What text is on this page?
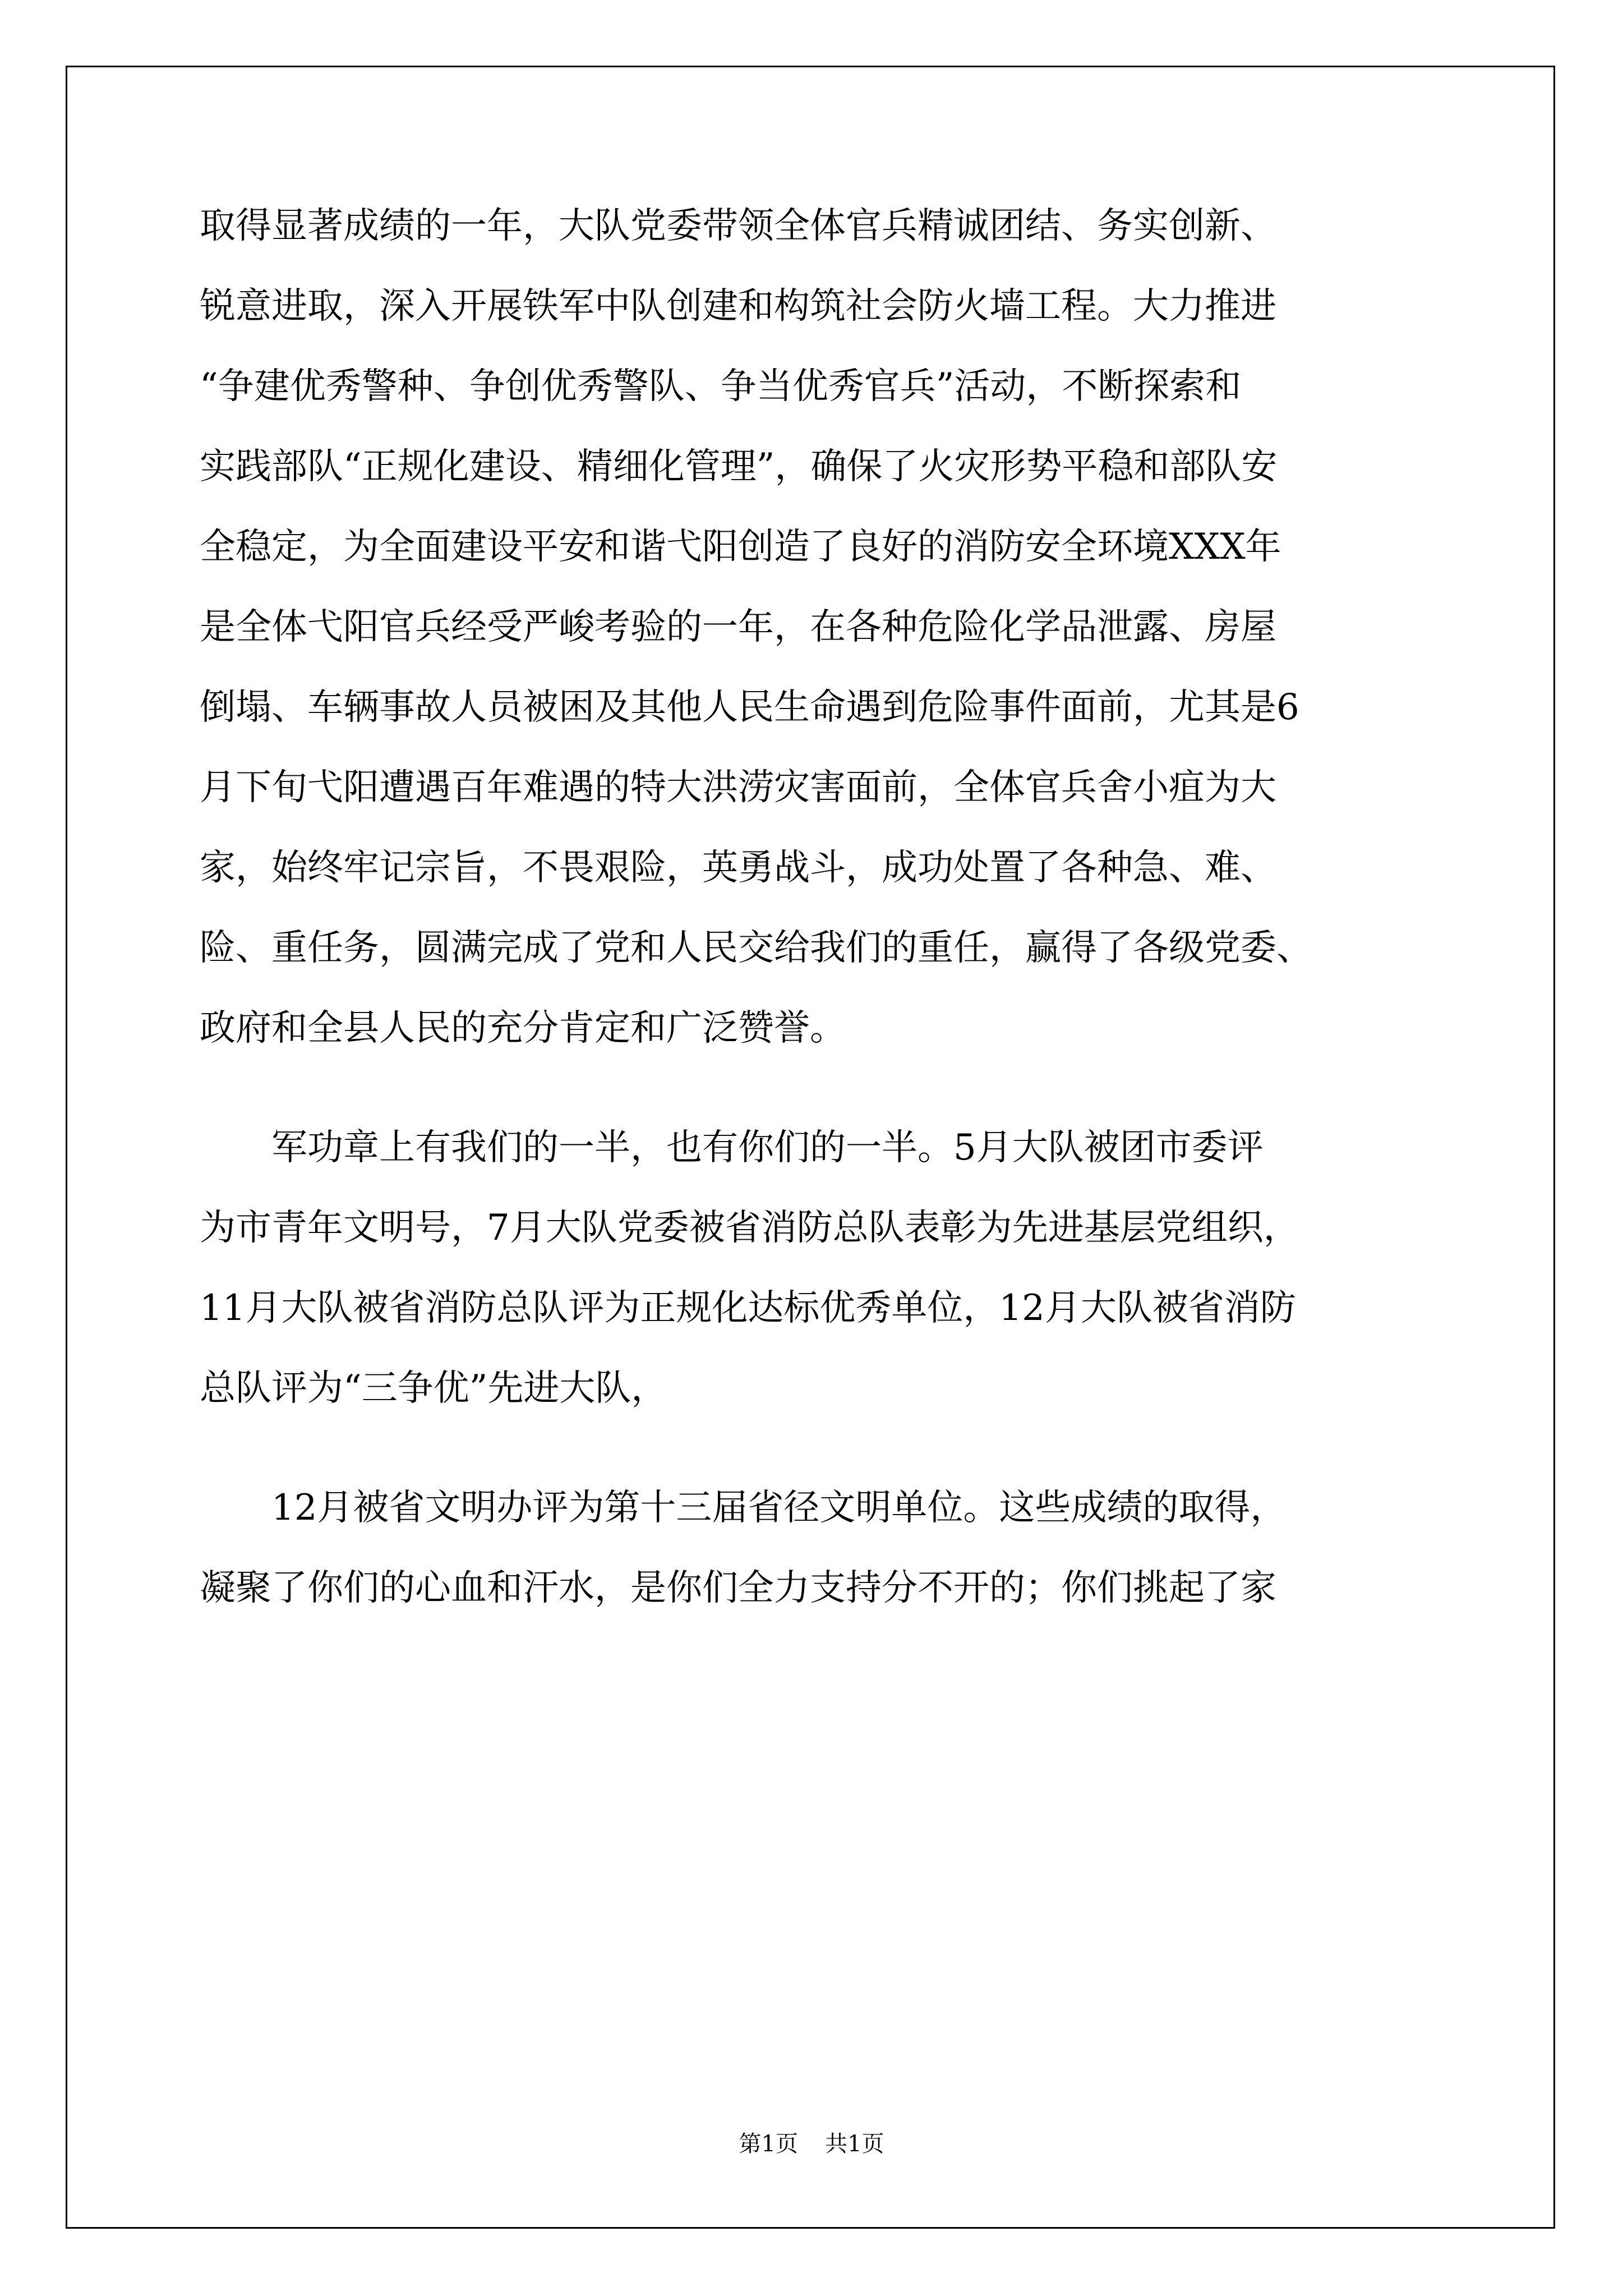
取得显著成绩的一年，大队党委带领全体官兵精诚团结、务实创新、
锐意进取，深入开展铁军中队创建和构筑社会防火墙工程。大力推进
“争建优秀警种、争创优秀警队、争当优秀官兵”活动，不断探索和
实践部队“正规化建设、精细化管理”，确保了火灾形势平稳和部队安
全稳定，为全面建设平安和谐弋阳创造了良好的消防安全环境XXX年
是全体弋阳官兵经受严峻考验的一年，在各种危险化学品泄露、房屋
倒塌、车辆事故人员被困及其他人民生命遇到危险事件面前，尤其是6
月下旬弋阳遭遇百年难遇的特大洪涝灾害面前，全体官兵舍小疽为大
家，始终牢记宗旨，不畏艰险，英勇战斗，成功处置了各种急、难、
险、重任务，圆满完成了党和人民交给我们的重任，赢得了各级党委、
政府和全县人民的充分肯定和广泛赞誉。
军功章上有我们的一半，也有你们的一半。5月大队被团市委评
为市青年文明号，7月大队党委被省消防总队表彰为先进基层党组织，
11月大队被省消防总队评为正规化达标优秀单位，12月大队被省消防
总队评为“三争优”先进大队，
12月被省文明办评为第十三届省径文明单位。这些成绩的取得，
凝聚了你们的心血和汗水，是你们全力支持分不开的；你们挑起了家
第1页 共1页
